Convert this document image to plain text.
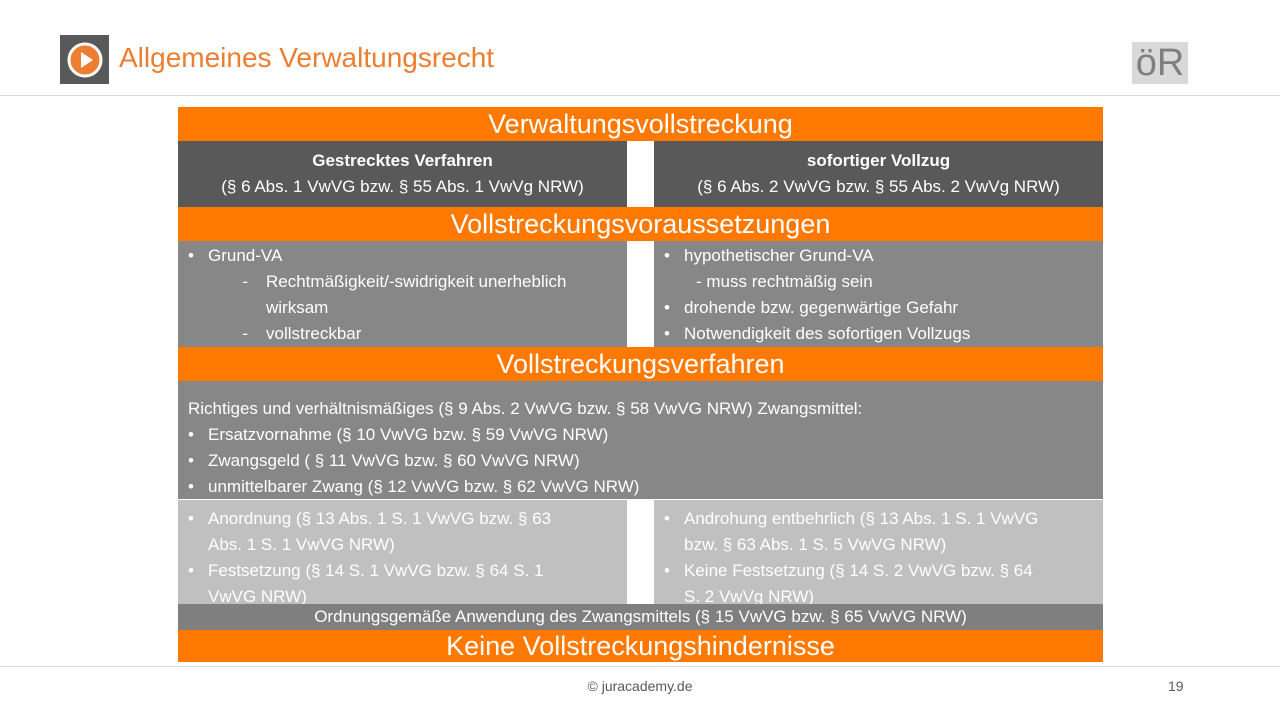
Allgemeines Verwaltungsrecht	öR
Verwaltungsvollstreckung
Gestrecktes Verfahren
(§ 6 Abs. 1 VwVG bzw. § 55 Abs. 1 VwVg NRW)
sofortiger Vollzug
(§ 6 Abs. 2 VwVG bzw. § 55 Abs. 2 VwVg NRW)
Vollstreckungsvoraussetzungen
• Grund-VA
-	Rechtmäßigkeit/-swidrigkeit unerheblich
wirksam
-	vollstreckbar
• hypothetischer Grund-VA
- muss rechtmäßig sein
• drohende bzw. gegenwärtige Gefahr
• Notwendigkeit des sofortigen Vollzugs
Vollstreckungsverfahren
Richtiges und verhältnismäßiges (§ 9 Abs. 2 VwVG bzw. § 58 VwVG NRW) Zwangsmittel:
• Ersatzvornahme (§ 10 VwVG bzw. § 59 VwVG NRW)
• Zwangsgeld ( § 11 VwVG bzw. § 60 VwVG NRW)
• unmittelbarer Zwang (§ 12 VwVG bzw. § 62 VwVG NRW)
• Anordnung (§ 13 Abs. 1 S. 1 VwVG bzw. § 63
Abs. 1 S. 1 VwVG NRW)
• Festsetzung (§ 14 S. 1 VwVG bzw. § 64 S. 1
VwVG NRW)
• Androhung entbehrlich (§ 13 Abs. 1 S. 1 VwVG
bzw. § 63 Abs. 1 S. 5 VwVG NRW)
• Keine Festsetzung (§ 14 S. 2 VwVG bzw. § 64
S. 2 VwVg NRW)
Ordnungsgemäße Anwendung des Zwangsmittels (§ 15 VwVG bzw. § 65 VwVG NRW)
Keine Vollstreckungshindernisse
© juracademy.de	19
